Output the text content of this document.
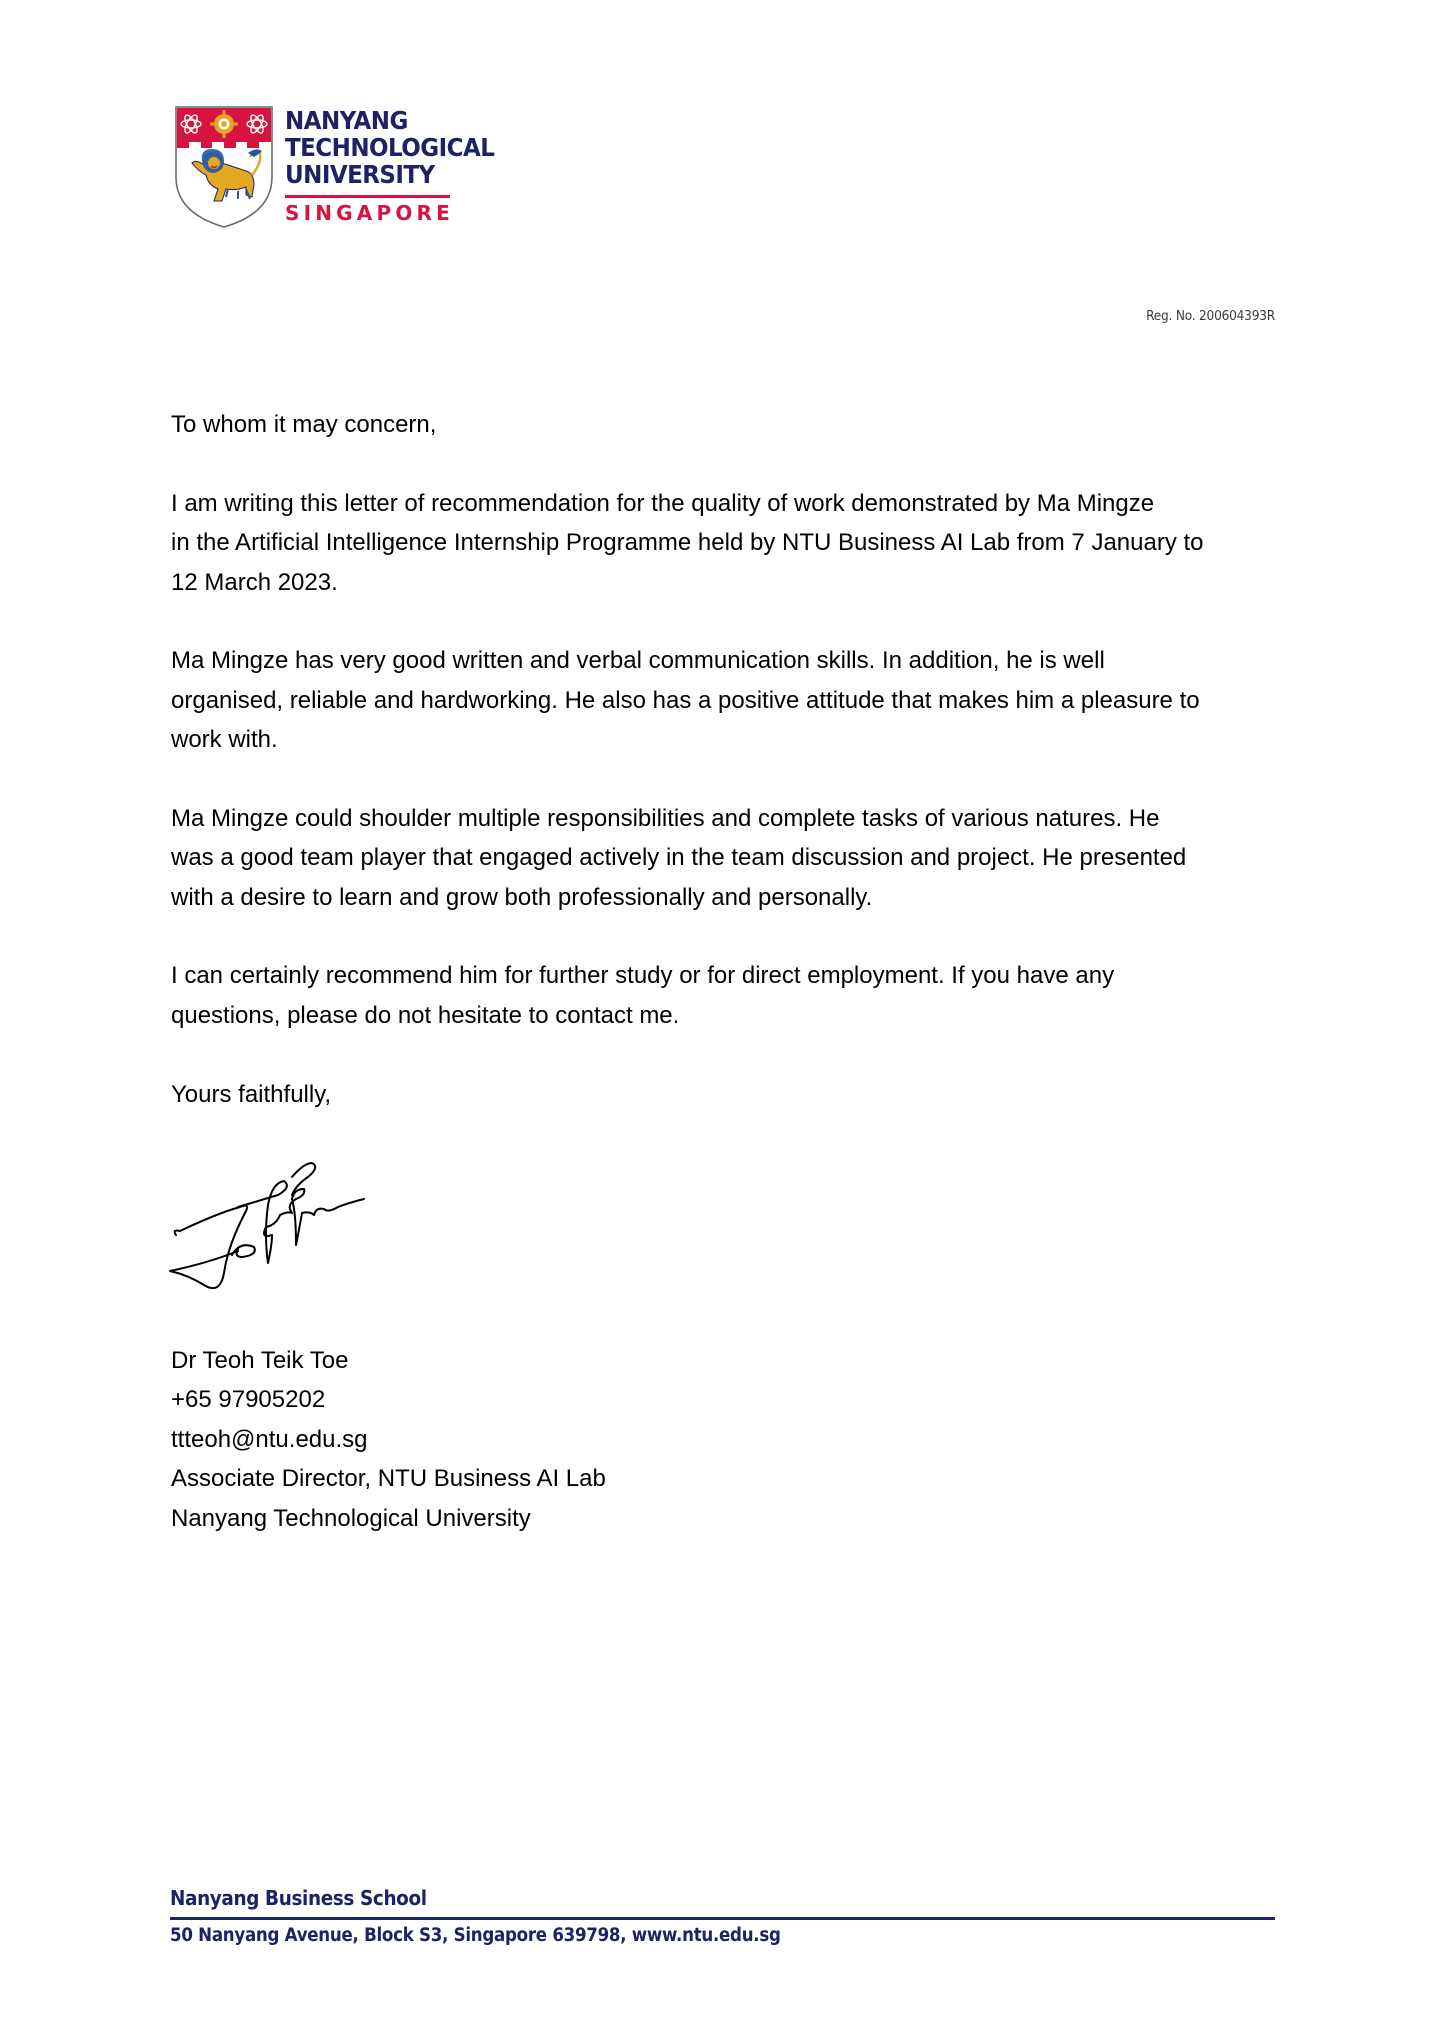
NANYANG
TECHNOLOGICAL
UNIVERSITY
SINGAPORE
Reg. No. 200604393R
To whom it may concern,
I am writing this letter of recommendation for the quality of work demonstrated by Ma Mingze
in the Artificial Intelligence Internship Programme held by NTU Business AI Lab from 7 January to
12 March 2023.
Ma Mingze has very good written and verbal communication skills. In addition, he is well
organised, reliable and hardworking. He also has a positive attitude that makes him a pleasure to
work with.
Ma Mingze could shoulder multiple responsibilities and complete tasks of various natures. He
was a good team player that engaged actively in the team discussion and project. He presented
with a desire to learn and grow both professionally and personally.
I can certainly recommend him for further study or for direct employment. If you have any
questions, please do not hesitate to contact me.
Yours faithfully,
Dr Teoh Teik Toe
+65 97905202
ttteoh@ntu.edu.sg
Associate Director, NTU Business AI Lab
Nanyang Technological University
Nanyang Business School
50 Nanyang Avenue, Block S3, Singapore 639798, www.ntu.edu.sg
